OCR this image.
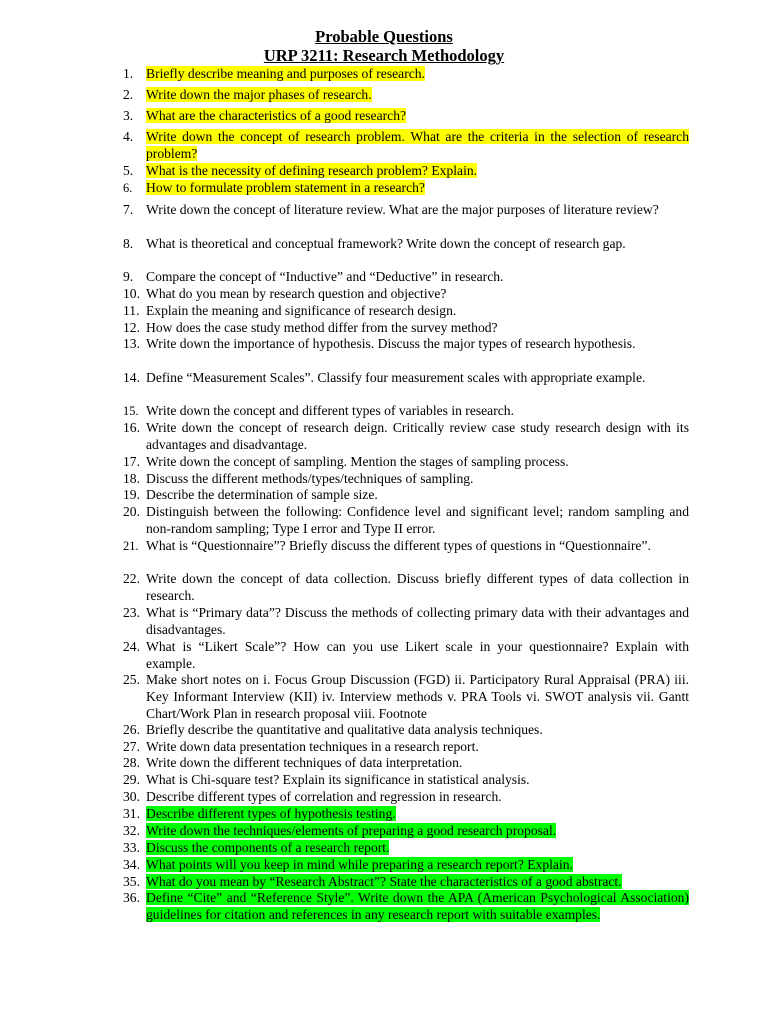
Probable Questions
URP 3211: Research Methodology
1. Briefly describe meaning and purposes of research.
2. Write down the major phases of research.
3. What are the characteristics of a good research?
4. Write down the concept of research problem. What are the criteria in the selection of research problem?
5. What is the necessity of defining research problem? Explain.
6. How to formulate problem statement in a research?
7. Write down the concept of literature review. What are the major purposes of literature review?
8. What is theoretical and conceptual framework? Write down the concept of research gap.
9. Compare the concept of “Inductive” and “Deductive” in research.
10. What do you mean by research question and objective?
11. Explain the meaning and significance of research design.
12. How does the case study method differ from the survey method?
13. Write down the importance of hypothesis. Discuss the major types of research hypothesis.
14. Define “Measurement Scales”. Classify four measurement scales with appropriate example.
15. Write down the concept and different types of variables in research.
16. Write down the concept of research deign. Critically review case study research design with its advantages and disadvantage.
17. Write down the concept of sampling. Mention the stages of sampling process.
18. Discuss the different methods/types/techniques of sampling.
19. Describe the determination of sample size.
20. Distinguish between the following: Confidence level and significant level; random sampling and non-random sampling; Type I error and Type II error.
21. What is “Questionnaire”? Briefly discuss the different types of questions in “Questionnaire”.
22. Write down the concept of data collection. Discuss briefly different types of data collection in research.
23. What is “Primary data”? Discuss the methods of collecting primary data with their advantages and disadvantages.
24. What is “Likert Scale”? How can you use Likert scale in your questionnaire? Explain with example.
25. Make short notes on i. Focus Group Discussion (FGD) ii. Participatory Rural Appraisal (PRA) iii. Key Informant Interview (KII) iv. Interview methods v. PRA Tools vi. SWOT analysis vii. Gantt Chart/Work Plan in research proposal viii. Footnote
26. Briefly describe the quantitative and qualitative data analysis techniques.
27. Write down data presentation techniques in a research report.
28. Write down the different techniques of data interpretation.
29. What is Chi-square test? Explain its significance in statistical analysis.
30. Describe different types of correlation and regression in research.
31. Describe different types of hypothesis testing.
32. Write down the techniques/elements of preparing a good research proposal.
33. Discuss the components of a research report.
34. What points will you keep in mind while preparing a research report? Explain.
35. What do you mean by “Research Abstract”? State the characteristics of a good abstract.
36. Define “Cite” and “Reference Style”. Write down the APA (American Psychological Association) guidelines for citation and references in any research report with suitable examples.
